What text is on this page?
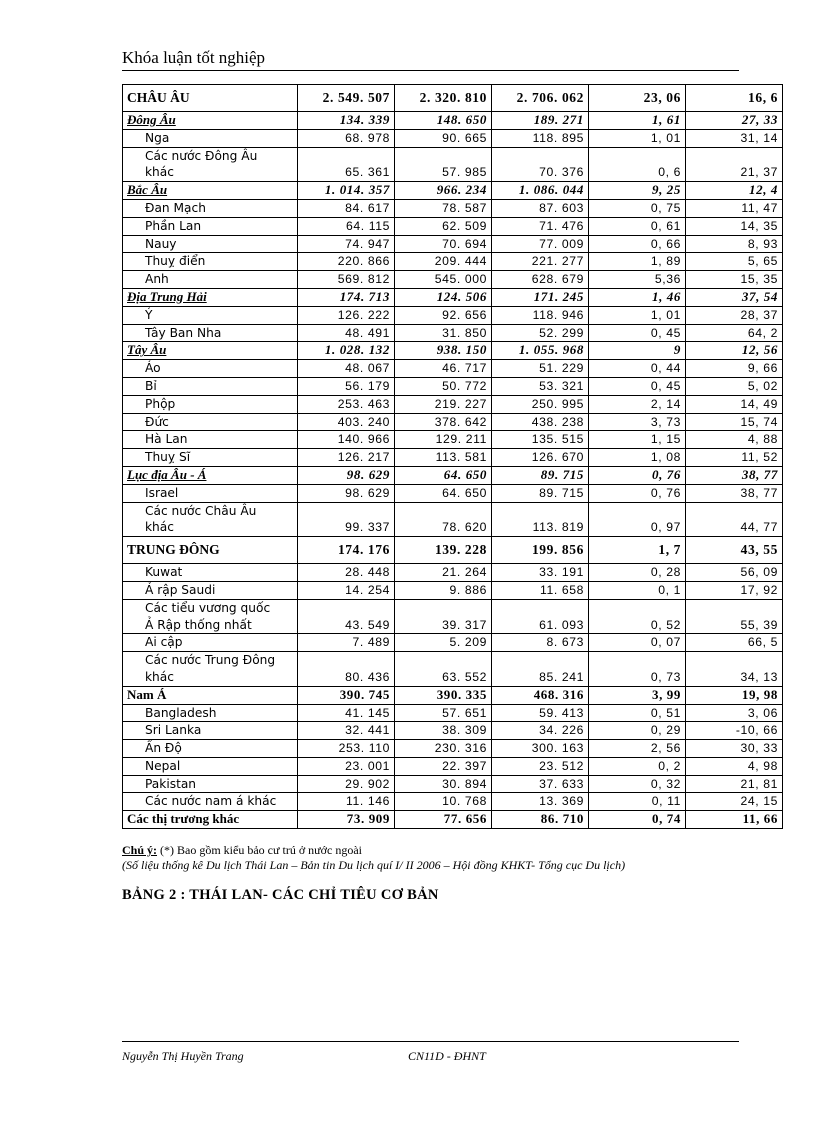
Khóa luận tốt nghiệp
CHÂU ÂU	2. 549. 507	2. 320. 810	2. 706. 062	23, 06	16, 6
Đông Âu	134. 339	148. 650	189. 271	1, 61	27, 33
Nga	68. 978	90. 665	118. 895	1, 01	31, 14
Các nước Đông Âu
khác	65. 361	57. 985	70. 376	0, 6	21, 37
Bắc Âu	1. 014. 357	966. 234	1. 086. 044	9, 25	12, 4
Đan Mạch	84. 617	78. 587	87. 603	0, 75	11, 47
Phần Lan	64. 115	62. 509	71. 476	0, 61	14, 35
Nauy	74. 947	70. 694	77. 009	0, 66	8, 93
Thuỵ điển	220. 866	209. 444	221. 277	1, 89	5, 65
Anh	569. 812	545. 000	628. 679	5,36	15, 35
Địa Trung Hải	174. 713	124. 506	171. 245	1, 46	37, 54
Ý	126. 222	92. 656	118. 946	1, 01	28, 37
Tây Ban Nha	48. 491	31. 850	52. 299	0, 45	64, 2
Tây Âu	1. 028. 132	938. 150	1. 055. 968	9	12, 56
Áo	48. 067	46. 717	51. 229	0, 44	9, 66
Bỉ	56. 179	50. 772	53. 321	0, 45	5, 02
Phộp	253. 463	219. 227	250. 995	2, 14	14, 49
Đức	403. 240	378. 642	438. 238	3, 73	15, 74
Hà Lan	140. 966	129. 211	135. 515	1, 15	4, 88
Thuỵ Sĩ	126. 217	113. 581	126. 670	1, 08	11, 52
Lục địa Âu - Á	98. 629	64. 650	89. 715	0, 76	38, 77
Israel	98. 629	64. 650	89. 715	0, 76	38, 77
Các nước Châu Âu
khác	99. 337	78. 620	113. 819	0, 97	44, 77
TRUNG ĐÔNG	174. 176	139. 228	199. 856	1, 7	43, 55
Kuwat	28. 448	21. 264	33. 191	0, 28	56, 09
Ả rập Saudi	14. 254	9. 886	11. 658	0, 1	17, 92
Các tiểu vương quốc
Ả Rập thống nhất	43. 549	39. 317	61. 093	0, 52	55, 39
Ai cập	7. 489	5. 209	8. 673	0, 07	66, 5
Các nước Trung Đông
khác	80. 436	63. 552	85. 241	0, 73	34, 13
Nam Á	390. 745	390. 335	468. 316	3, 99	19, 98
Bangladesh	41. 145	57. 651	59. 413	0, 51	3, 06
Sri Lanka	32. 441	38. 309	34. 226	0, 29	-10, 66
Ấn Độ	253. 110	230. 316	300. 163	2, 56	30, 33
Nepal	23. 001	22. 397	23. 512	0, 2	4, 98
Pakistan	29. 902	30. 894	37. 633	0, 32	21, 81
Các nước nam á khác	11. 146	10. 768	13. 369	0, 11	24, 15
Các thị trương khác	73. 909	77. 656	86. 710	0, 74	11, 66
Chú ý: (*) Bao gồm kiểu bảo cư trú ở nước ngoài
(Số liệu thống kê Du lịch Thái Lan – Bản tin Du lịch quí I/ II 2006 – Hội đồng KHKT- Tổng cục Du lịch)
BẢNG 2 : THÁI LAN- CÁC CHỈ TIÊU CƠ BẢN
Nguyễn Thị Huyền Trang	CN11D - ĐHNT
